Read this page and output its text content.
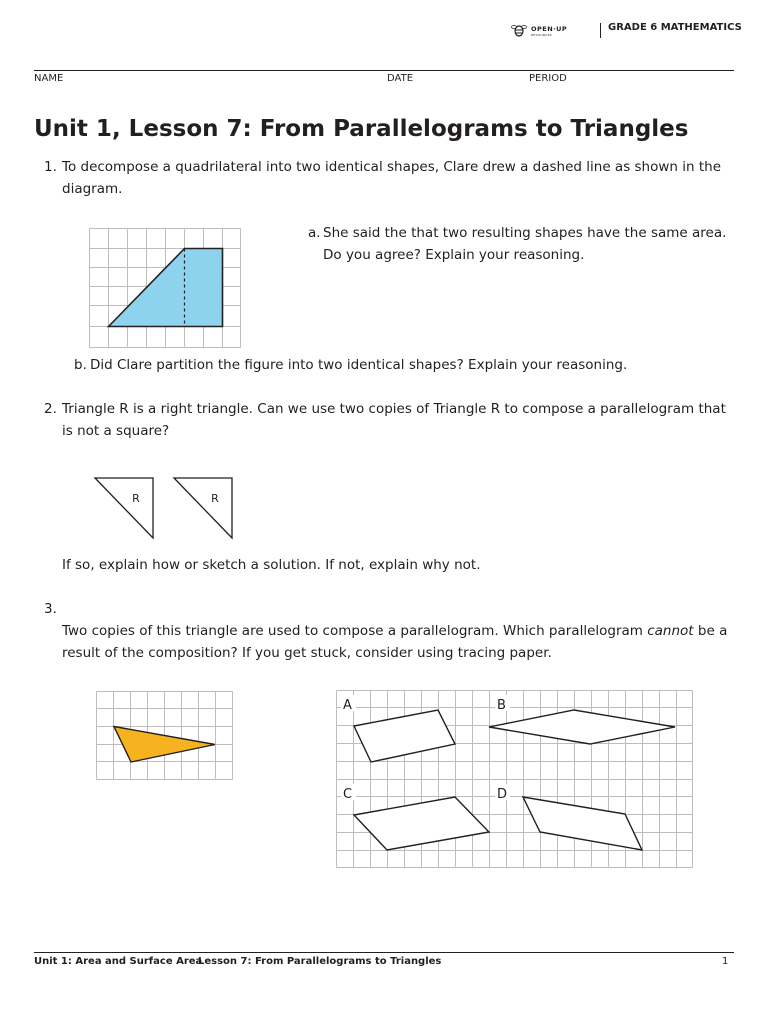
OPEN·UP
RESOURCES
GRADE 6 MATHEMATICS
NAME	DATE	PERIOD
Unit 1, Lesson 7: From Parallelograms to Triangles
1. To decompose a quadrilateral into two identical shapes, Clare drew a dashed line as shown in the diagram.
a. She said the that two resulting shapes have the same area. Do you agree? Explain your reasoning.
b. Did Clare partition the figure into two identical shapes? Explain your reasoning.
2. Triangle R is a right triangle. Can we use two copies of Triangle R to compose a parallelogram that is not a square?
R	R
If so, explain how or sketch a solution. If not, explain why not.
3.
Two copies of this triangle are used to compose a parallelogram. Which parallelogram cannot be a result of the composition? If you get stuck, consider using tracing paper.
A	B
C	D
Unit 1: Area and Surface Area
Lesson 7: From Parallelograms to Triangles	1
